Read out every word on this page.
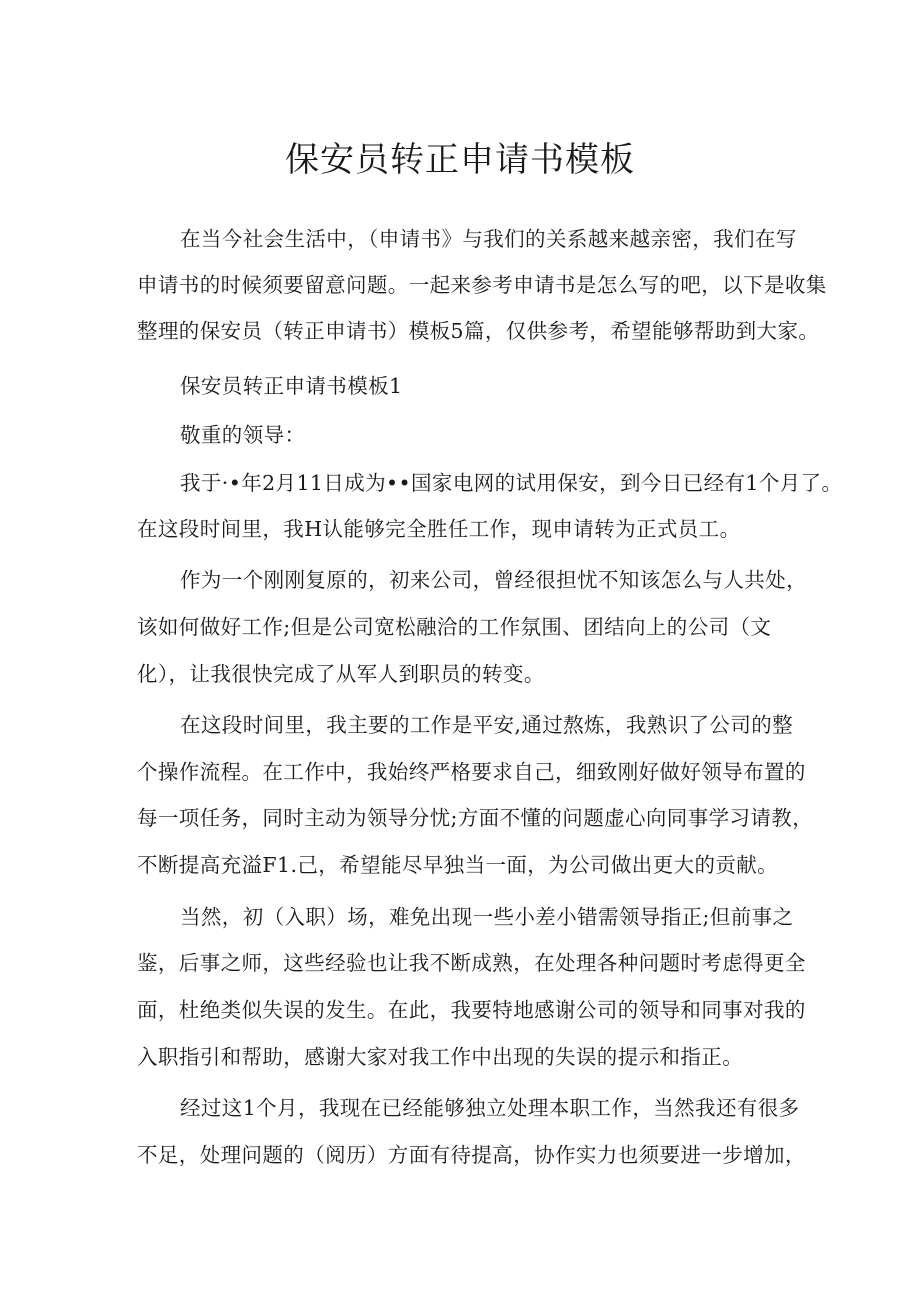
保安员转正申请书模板

在当今社会生活中，（申请书》与我们的关系越来越亲密，我们在写

申请书的时候须要留意问题。一起来参考申请书是怎么写的吧，以下是收集

整理的保安员（转正申请书）模板5篇，仅供参考，希望能够帮助到大家。

保安员转正申请书模板1

敬重的领导：

我于·•年2月11日成为••国家电网的试用保安，到今日已经有1个月了。

在这段时间里，我H认能够完全胜任工作，现申请转为正式员工。

作为一个刚刚复原的，初来公司，曾经很担忧不知该怎么与人共处，

该如何做好工作;但是公司宽松融洽的工作氛围、团结向上的公司（文

化），让我很快完成了从军人到职员的转变。

在这段时间里，我主要的工作是平安,通过熬炼，我熟识了公司的整

个操作流程。在工作中，我始终严格要求自己，细致刚好做好领导布置的

每一项任务，同时主动为领导分忧;方面不懂的问题虚心向同事学习请教，

不断提高充溢F1.己，希望能尽早独当一面，为公司做出更大的贡献。

当然，初（入职）场，难免出现一些小差小错需领导指正;但前事之

鉴，后事之师，这些经验也让我不断成熟，在处理各种问题时考虑得更全

面，杜绝类似失误的发生。在此，我要特地感谢公司的领导和同事对我的

入职指引和帮助，感谢大家对我工作中出现的失误的提示和指正。

经过这1个月，我现在已经能够独立处理本职工作，当然我还有很多

不足，处理问题的（阅历）方面有待提高，协作实力也须要进一步增加，
